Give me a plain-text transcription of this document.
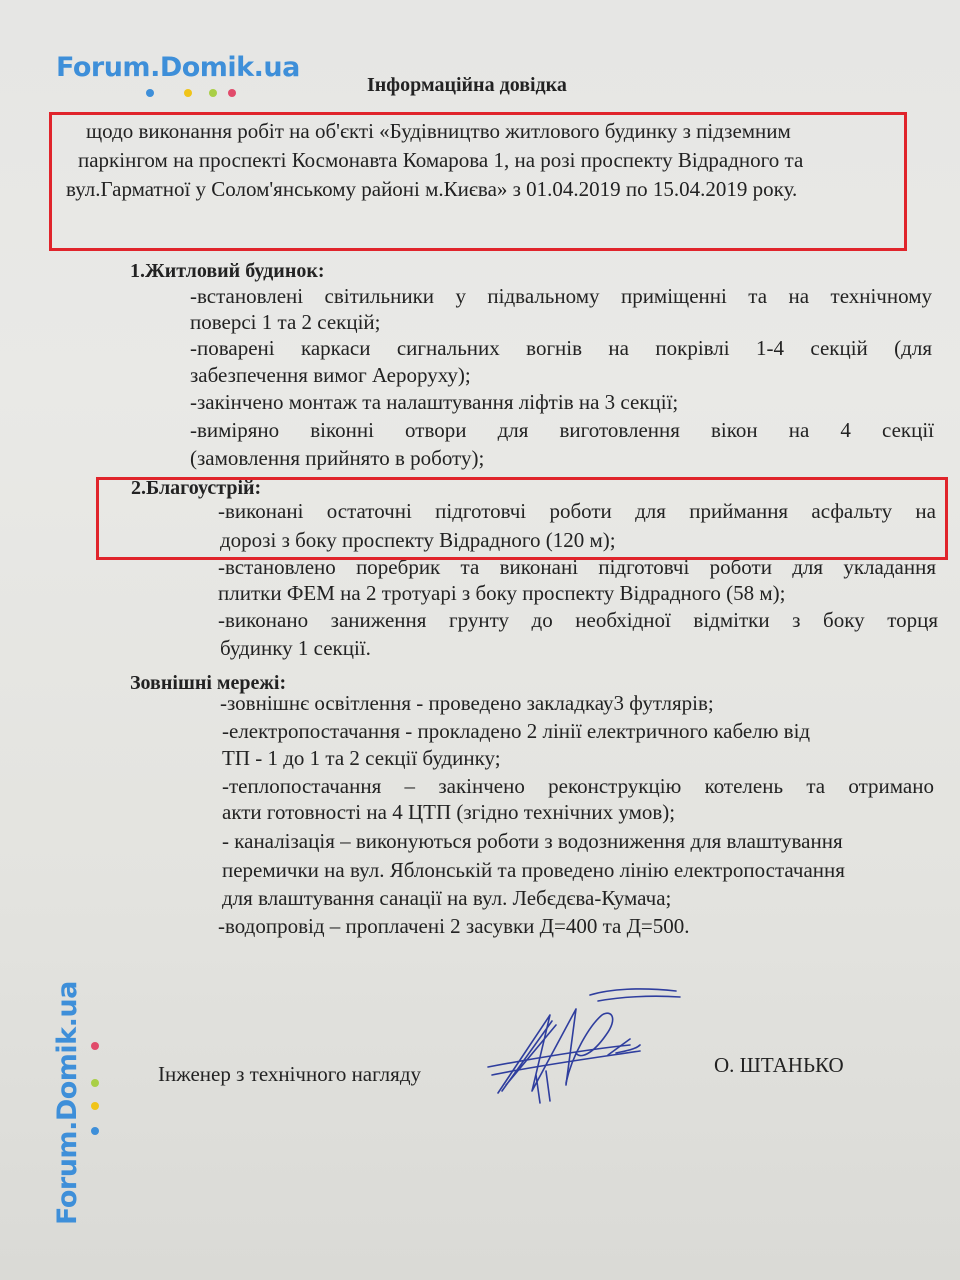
Forum.Domik.ua
Forum.Domik.ua
Інформаційна довідка
щодо виконання робіт на об'єкті «Будівництво житлового будинку з підземним
паркінгом на проспекті Космонавта Комарова 1, на розі проспекту Відрадного та
вул.Гарматної у Солом'янському районі м.Києва» з 01.04.2019 по 15.04.2019 року.
1.Житловий будинок:
-встановлені світильники у підвальному приміщенні та на технічному
поверсі 1 та 2 секцій;
-поварені каркаси сигнальних вогнів на покрівлі 1-4 секцій (для
забезпечення вимог Аероруху);
-закінчено монтаж та налаштування ліфтів на 3 секції;
-виміряно віконні отвори для виготовлення вікон на 4 секції
(замовлення прийнято в роботу);
2.Благоустрій:
-виконані остаточні підготовчі роботи для приймання асфальту на
дорозі з боку проспекту Відрадного (120 м);
-встановлено поребрик та виконані підготовчі роботи для укладання
плитки ФЕМ на 2 тротуарі з боку проспекту Відрадного (58 м);
-виконано заниження грунту до необхідної відмітки з боку торця
будинку 1 секції.
Зовнішні мережі:
-зовнішнє освітлення - проведено закладкау3 футлярів;
-електропостачання - прокладено 2 лінії електричного кабелю від
ТП - 1 до 1 та 2 секції будинку;
-теплопостачання – закінчено реконструкцію котелень та отримано
акти готовності на 4 ЦТП (згідно технічних умов);
- каналізація – виконуються роботи з водозниження для влаштування
перемички на вул. Яблонській та проведено лінію електропостачання
для влаштування санації на вул. Лебєдєва-Кумача;
-водопровід – проплачені 2 засувки Д=400 та Д=500.
Інженер з технічного нагляду	О. ШТАНЬКО
